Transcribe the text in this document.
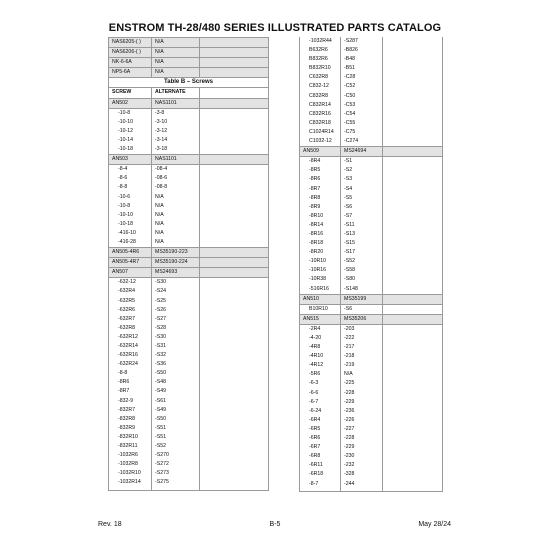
ENSTROM TH-28/480 SERIES ILLUSTRATED PARTS CATALOG
NAS6205-( )	N/A	
NAS6206-( )	N/A	
NK-6-6A	N/A	
NP5-6A	N/A	
Table B – Screws		
SCREW	ALTERNATE	
AN502	NAS1101	
-10-8	-3-8	
-10-10	-3-10	
-10-12	-3-12	
-10-14	-3-14	
-10-18	-3-18	
AN503	NAS1101	
-8-4	-08-4	
-8-6	-08-6	
-8-8	-08-8	
-10-6	N/A	
-10-8	N/A	
-10-10	N/A	
-10-18	N/A	
-416-10	N/A	
-416-28	N/A	
AN505-4R6	MS35190-223	
AN505-4R7	MS35190-224	
AN507	MS24693	
-632-12	-S30	
-632R4	-S24	
-632R5	-S25	
-632R6	-S26	
-632R7	-S27	
-632R8	-S28	
-632R12	-S30	
-632R14	-S31	
-632R16	-S32	
-632R24	-S36	
-8-8	-S50	
-8R6	-S48	
-8R7	-S49	
-832-9	-S61	
-832R7	-S49	
-832R8	-S50	
-832R9	-S51	
-832R10	-S51	
-832R11	-S52	
-1032R6	-S270	
-1032R8	-S272	
-1032R10	-S273	
-1032R14	-S275	

-1032R44	-S287	
B632R6	-B826	
B832R6	-B48	
B832R10	-B51	
C632R8	-C28	
C832-12	-C52	
C832R8	-C50	
C832R14	-C53	
C832R16	-C54	
C832R18	-C55	
C1024R14	-C75	
C1032-12	-C274	
AN509	MS24694	
-8R4	-S1	
-8R5	-S2	
-8R6	-S3	
-8R7	-S4	
-8R8	-S5	
-8R9	-S6	
-8R10	-S7	
-8R14	-S11	
-8R16	-S13	
-8R18	-S15	
-8R20	-S17	
-10R10	-S52	
-10R16	-S58	
-10R38	-S80	
-516R16	-S148	
AN510	MS35199	
B10R10	-S6	
AN515	MS35206	
-2R4	-203	
-4-20	-222	
-4R8	-217	
-4R10	-218	
-4R12	-219	
-5R6	N/A	
-6-3	-225	
-6-6	-228	
-6-7	-229	
-6-24	-236	
-6R4	-226	
-6R5	-227	
-6R6	-228	
-6R7	-229	
-6R8	-230	
-6R11	-232	
-6R18	-328	
-8-7	-244	

Rev. 18	B-5	May 28/24
